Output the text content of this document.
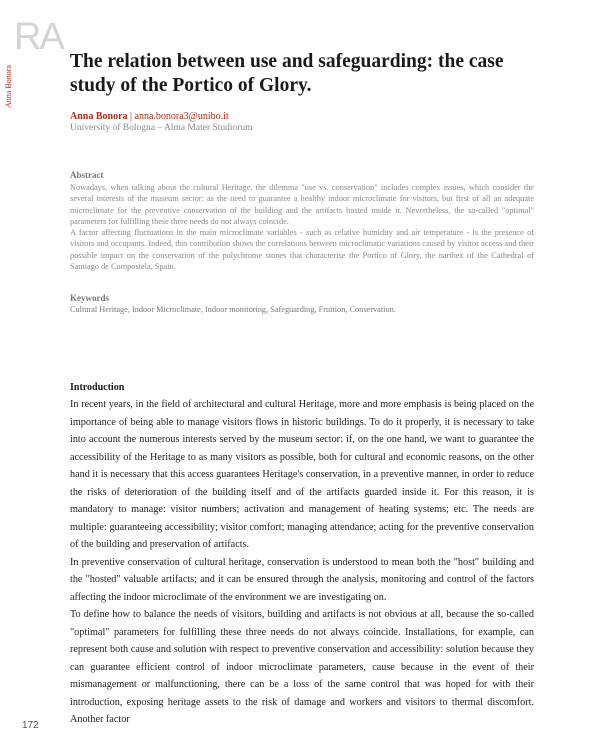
RA
Anna Bonora
The relation between use and safeguarding: the case study of the Portico of Glory.
Anna Bonora | anna.bonora3@unibo.it
University of Bologna – Alma Mater Studiorum
Abstract

Nowadays, when talking about the cultural Heritage, the dilemma "use vs. conservation" includes complex issues, which consider the several interests of the museum sector: as the need to guarantee a healthy indoor microclimate for visitors, but first of all an adequate microclimate for the preventive conservation of the building and the artifacts hosted inside it. Nevertheless, the so-called "optimal" parameters for fulfilling these three needs do not always coincide.

A factor affecting fluctuations in the main microclimate variables - such as relative humidity and air temperature - is the presence of visitors and occupants. Indeed, this contribution shows the correlations between microclimatic variations caused by visitor access and their possible impact on the conservation of the polychrome stones that characterise the Portico of Glory, the narthex of the Cathedral of Santiago de Compostela, Spain.

Keywords
Cultural Heritage, Indoor Microclimate, Indoor monitoring, Safeguarding, Fruition, Conservation.
Introduction

In recent years, in the field of architectural and cultural Heritage, more and more emphasis is being placed on the importance of being able to manage visitors flows in historic buildings. To do it properly, it is necessary to take into account the numerous interests served by the museum sector: if, on the one hand, we want to guarantee the accessibility of the Heritage to as many visitors as possible, both for cultural and economic reasons, on the other hand it is necessary that this access guarantees Heritage's conservation, in a preventive manner, in order to reduce the risks of deterioration of the building itself and of the artifacts guarded inside it. For this reason, it is mandatory to manage: visitor numbers; activation and management of heating systems; etc. The needs are multiple: guaranteeing accessibility; visitor comfort; managing attendance; acting for the preventive conservation of the building and preservation of artifacts.

In preventive conservation of cultural heritage, conservation is understood to mean both the "host" building and the "hosted" valuable artifacts; and it can be ensured through the analysis, monitoring and control of the factors affecting the indoor microclimate of the environment we are investigating on.

To define how to balance the needs of visitors, building and artifacts is not obvious at all, because the so-called "optimal" parameters for fulfilling these three needs do not always coincide. Installations, for example, can represent both cause and solution with respect to preventive conservation and accessibility: solution because they can guarantee efficient control of indoor microclimate parameters, cause because in the event of their mismanagement or malfunctioning, there can be a loss of the same control that was hoped for with their introduction, exposing heritage assets to the risk of damage and workers and visitors to thermal discomfort. Another factor

172
